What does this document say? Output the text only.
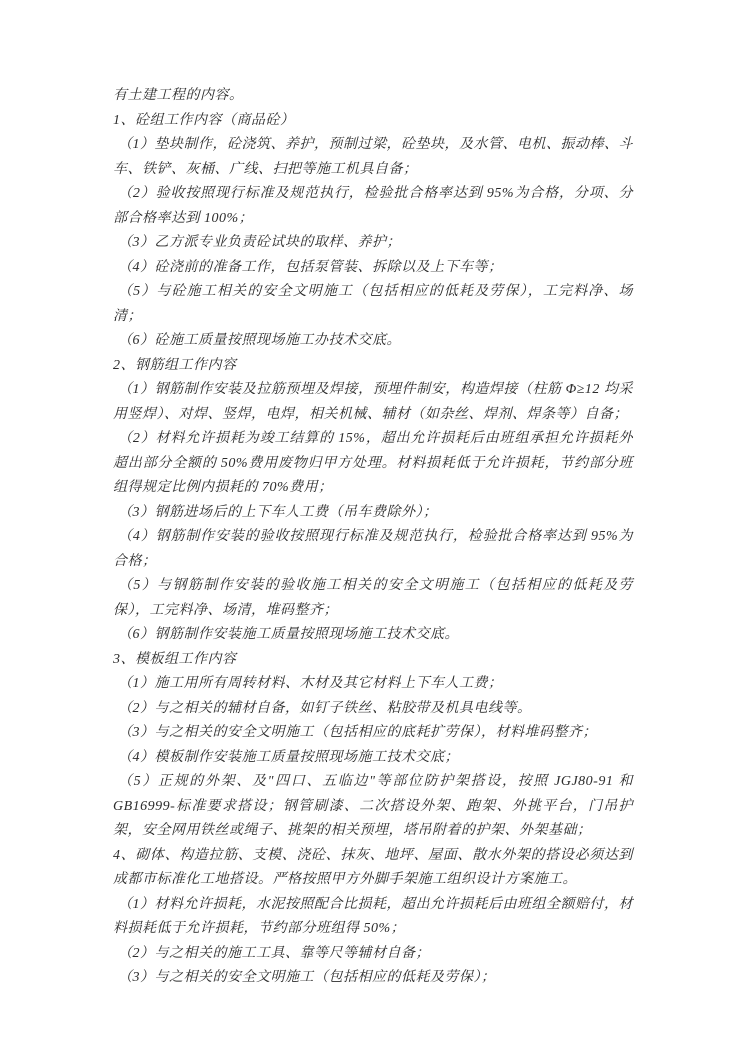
有土建工程的内容。

1、砼组工作内容（商品砼）

（1）垫块制作，砼浇筑、养护，预制过梁，砼垫块，及水管、电机、振动棒、斗车、铁铲、灰桶、广线、扫把等施工机具自备；

（2）验收按照现行标准及规范执行，检验批合格率达到 95%为合格，分项、分部合格率达到 100%；

（3）乙方派专业负责砼试块的取样、养护；

（4）砼浇前的准备工作，包括泵管装、拆除以及上下车等；

（5）与砼施工相关的安全文明施工（包括相应的低耗及劳保），工完料净、场清；

（6）砼施工质量按照现场施工办技术交底。

2、钢筋组工作内容

（1）钢筋制作安装及拉筋预埋及焊接，预埋件制安，构造焊接（柱筋 Φ≥12 均采用竖焊）、对焊、竖焊，电焊，相关机械、辅材（如杂丝、焊剂、焊条等）自备；

（2）材料允许损耗为竣工结算的 15%，超出允许损耗后由班组承担允许损耗外超出部分全额的 50%费用废物归甲方处理。材料损耗低于允许损耗，节约部分班组得规定比例内损耗的 70%费用；

（3）钢筋进场后的上下车人工费（吊车费除外）；

（4）钢筋制作安装的验收按照现行标准及规范执行，检验批合格率达到 95%为合格；

（5）与钢筋制作安装的验收施工相关的安全文明施工（包括相应的低耗及劳保），工完料净、场清，堆码整齐；

（6）钢筋制作安装施工质量按照现场施工技术交底。

3、模板组工作内容

（1）施工用所有周转材料、木材及其它材料上下车人工费；

（2）与之相关的辅材自备，如钉子铁丝、粘胶带及机具电线等。

（3）与之相关的安全文明施工（包括相应的底耗扩劳保），材料堆码整齐；

（4）模板制作安装施工质量按照现场施工技术交底；

（5）正规的外架、及"四口、五临边"等部位防护架搭设，按照 JGJ80-91 和 GB16999-标准要求搭设；钢管刷漆、二次搭设外架、跑架、外挑平台，门吊护架，安全网用铁丝或绳子、挑架的相关预埋，塔吊附着的护架、外架基础；

4、砌体、构造拉筋、支模、浇砼、抹灰、地坪、屋面、散水外架的搭设必须达到成都市标准化工地搭设。严格按照甲方外脚手架施工组织设计方案施工。

（1）材料允许损耗，水泥按照配合比损耗，超出允许损耗后由班组全额赔付，材料损耗低于允许损耗，节约部分班组得 50%；

（2）与之相关的施工工具、靠等尺等辅材自备；

（3）与之相关的安全文明施工（包括相应的低耗及劳保）；
